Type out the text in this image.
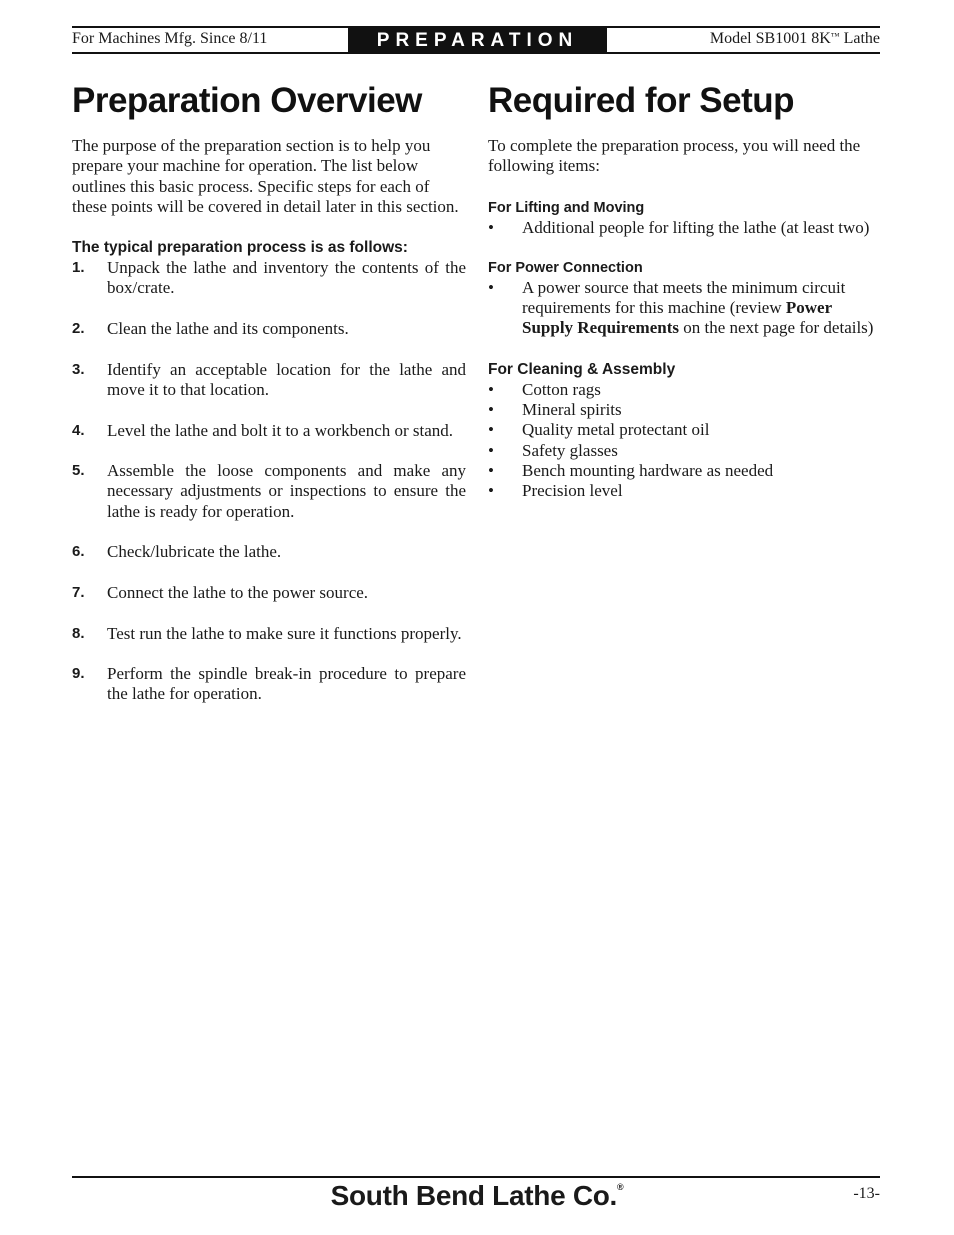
For Machines Mfg. Since 8/11	PREPARATION	Model SB1001 8K™ Lathe
Preparation Overview

The purpose of the preparation section is to help you prepare your machine for operation. The list below outlines this basic process. Specific steps for each of these points will be covered in detail later in this section.

The typical preparation process is as follows:
1. Unpack the lathe and inventory the contents of the box/crate.
2. Clean the lathe and its components.
3. Identify an acceptable location for the lathe and move it to that location.
4. Level the lathe and bolt it to a workbench or stand.
5. Assemble the loose components and make any necessary adjustments or inspections to ensure the lathe is ready for operation.
6. Check/lubricate the lathe.
7. Connect the lathe to the power source.
8. Test run the lathe to make sure it functions properly.
9. Perform the spindle break-in procedure to prepare the lathe for operation.
Required for Setup

To complete the preparation process, you will need the following items:

For Lifting and Moving
• Additional people for lifting the lathe (at least two)
For Power Connection
• A power source that meets the minimum circuit requirements for this machine (review Power Supply Requirements on the next page for details)
For Cleaning & Assembly
• Cotton rags
• Mineral spirits
• Quality metal protectant oil
• Safety glasses
• Bench mounting hardware as needed
• Precision level
South Bend Lathe Co.®	-13-
